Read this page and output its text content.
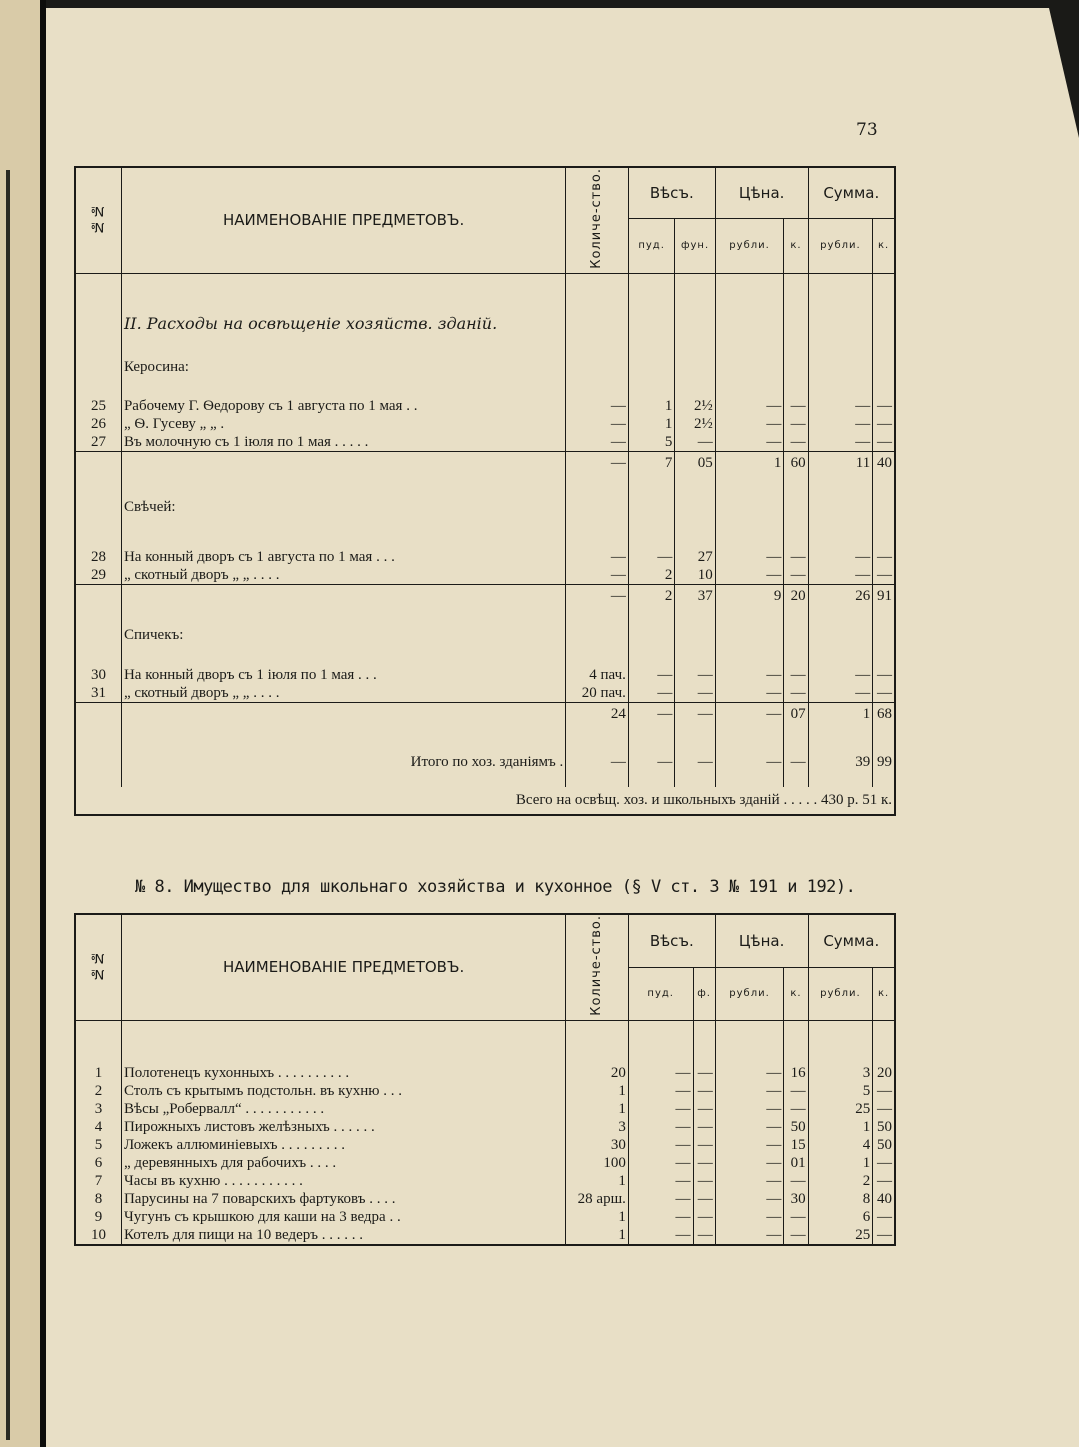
73
№№	НАИМЕНОВАНIЕ ПРЕДМЕТОВЪ.	Количе-ство.	Вѣсъ.		Цѣна.		Сумма.	
			пуд.	фун.	рубли.	к.	рубли.	к.

	II. Расходы на освѣщенiе хозяйств. зданiй.							

	Керосина:							

25	Рабочему Г. Ѳедорову съ 1 августа по 1 мая . .	—	1	2½	—	—	—	—
26	„ Ѳ. Гусеву „ „ .	—	1	2½	—	—	—	—
27	Въ молочную съ 1 iюля по 1 мая . . . . .	—	5	—	—	—	—	—
		—	7	05	1	60	11	40

	Свѣчей:							

28	На конный дворъ съ 1 августа по 1 мая . . .	—	—	27	—	—	—	—
29	„ скотный дворъ „ „ . . . .	—	2	10	—	—	—	—
		—	2	37	9	20	26	91

	Спичекъ:							

30	На конный дворъ съ 1 iюля по 1 мая . . .	4 пач.	—	—	—	—	—	—
31	„ скотный дворъ „ „ . . . .	20 пач.	—	—	—	—	—	—
		24	—	—	—	07	1	68

	Итого по хоз. зданiямъ .	—	—	—	—	—	39	99

	Всего на освѣщ. хоз. и школьныхъ зданiй . . . . . 430 р. 51 к.							
№ 8. Имущество для школьнаго хозяйства и кухонное (§ V ст. 3 № 191 и 192).
№№	НАИМЕНОВАНIЕ ПРЕДМЕТОВЪ.	Количе-ство.	Вѣсъ.		Цѣна.		Сумма.	
			пуд.	ф.	рубли.	к.	рубли.	к.

1	Полотенецъ кухонныхъ . . . . . . . . . .	20	—	—	—	16	3	20
2	Столъ съ крытымъ подстольн. въ кухню . . .	1	—	—	—	—	5	—
3	Вѣсы „Робервалл“ . . . . . . . . . . .	1	—	—	—	—	25	—
4	Пирожныхъ листовъ желѣзныхъ . . . . . .	3	—	—	—	50	1	50
5	Ложекъ аллюминiевыхъ . . . . . . . . .	30	—	—	—	15	4	50
6	„ деревянныхъ для рабочихъ . . . .	100	—	—	—	01	1	—
7	Часы въ кухню . . . . . . . . . . .	1	—	—	—	—	2	—
8	Парусины на 7 поварскихъ фартуковъ . . . .	28 арш.	—	—	—	30	8	40
9	Чугунъ съ крышкою для каши на 3 ведра . .	1	—	—	—	—	6	—
10	Котелъ для пищи на 10 ведеръ . . . . . .	1	—	—	—	—	25	—
